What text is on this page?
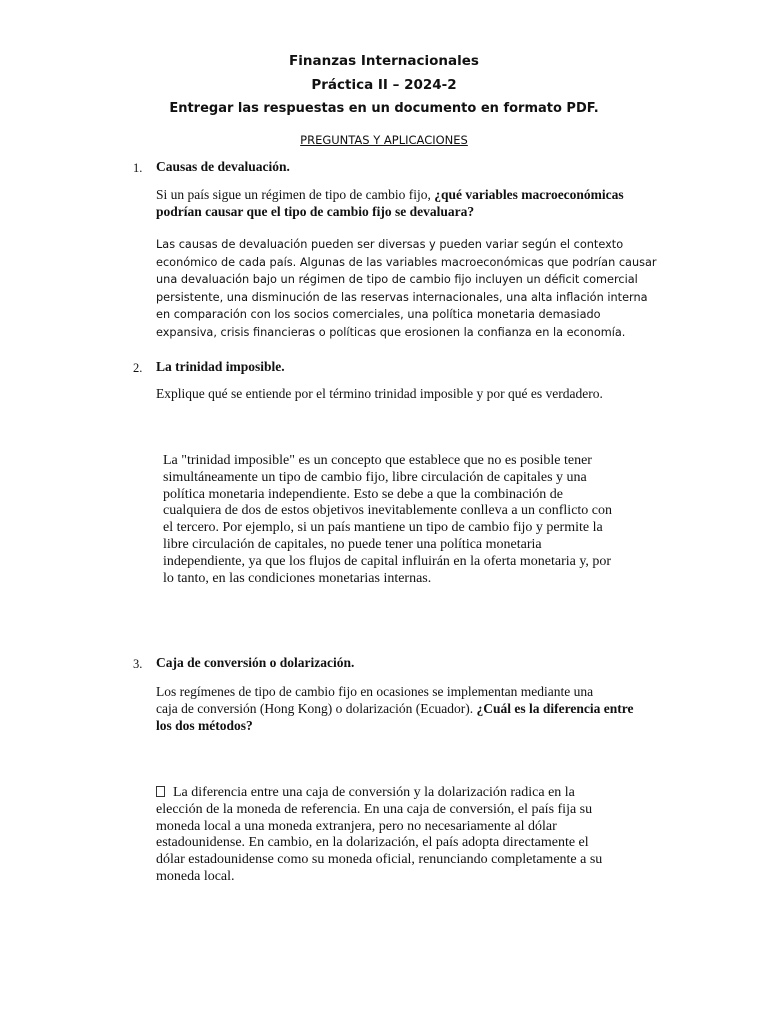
Finanzas Internacionales
Práctica II – 2024-2
Entregar las respuestas en un documento en formato PDF.
PREGUNTAS Y APLICACIONES
1. Causas de devaluación.
Si un país sigue un régimen de tipo de cambio fijo, ¿qué variables macroeconómicas
podrían causar que el tipo de cambio fijo se devaluara?
Las causas de devaluación pueden ser diversas y pueden variar según el contexto
económico de cada país. Algunas de las variables macroeconómicas que podrían causar
una devaluación bajo un régimen de tipo de cambio fijo incluyen un déficit comercial
persistente, una disminución de las reservas internacionales, una alta inflación interna
en comparación con los socios comerciales, una política monetaria demasiado
expansiva, crisis financieras o políticas que erosionen la confianza en la economía.
2. La trinidad imposible.
Explique qué se entiende por el término trinidad imposible y por qué es verdadero.
La "trinidad imposible" es un concepto que establece que no es posible tener
simultáneamente un tipo de cambio fijo, libre circulación de capitales y una
política monetaria independiente. Esto se debe a que la combinación de
cualquiera de dos de estos objetivos inevitablemente conlleva a un conflicto con
el tercero. Por ejemplo, si un país mantiene un tipo de cambio fijo y permite la
libre circulación de capitales, no puede tener una política monetaria
independiente, ya que los flujos de capital influirán en la oferta monetaria y, por
lo tanto, en las condiciones monetarias internas.
3. Caja de conversión o dolarización.
Los regímenes de tipo de cambio fijo en ocasiones se implementan mediante una
caja de conversión (Hong Kong) o dolarización (Ecuador). ¿Cuál es la diferencia entre
los dos métodos?
La diferencia entre una caja de conversión y la dolarización radica en la
elección de la moneda de referencia. En una caja de conversión, el país fija su
moneda local a una moneda extranjera, pero no necesariamente al dólar
estadounidense. En cambio, en la dolarización, el país adopta directamente el
dólar estadounidense como su moneda oficial, renunciando completamente a su
moneda local.
